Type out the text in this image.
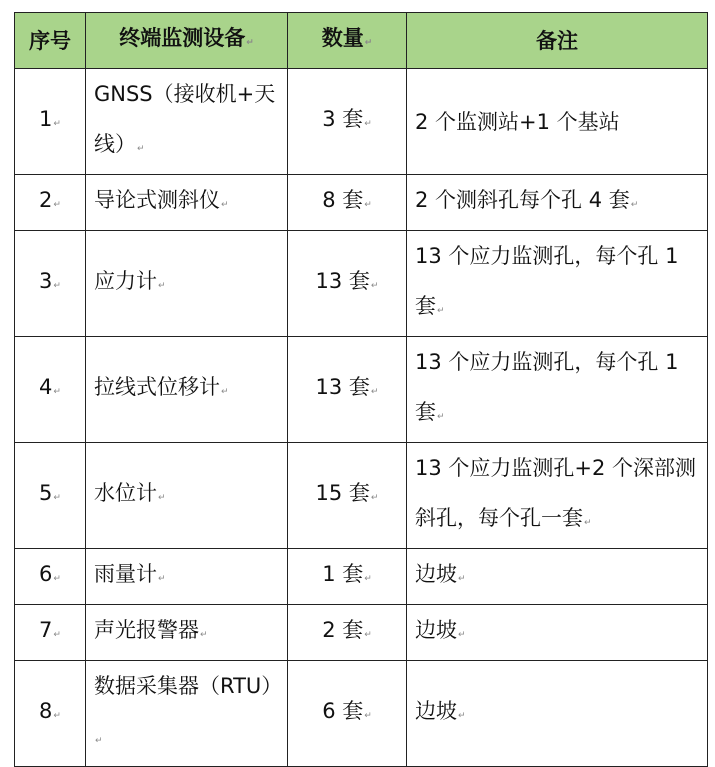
序号	终端监测设备↵	数量↵	备注
1↵	GNSS（接收机+天线）↵	3 套↵	2 个监测站+1 个基站
2↵	导论式测斜仪↵	8 套↵	2 个测斜孔每个孔 4 套↵
3↵	应力计↵	13 套↵	13 个应力监测孔，每个孔 1 套↵
4↵	拉线式位移计↵	13 套↵	13 个应力监测孔，每个孔 1 套↵
5↵	水位计↵	15 套↵	13 个应力监测孔+2 个深部测斜孔，每个孔一套↵
6↵	雨量计↵	1 套↵	边坡↵
7↵	声光报警器↵	2 套↵	边坡↵
8↵	数据采集器（RTU）↵	6 套↵	边坡↵
